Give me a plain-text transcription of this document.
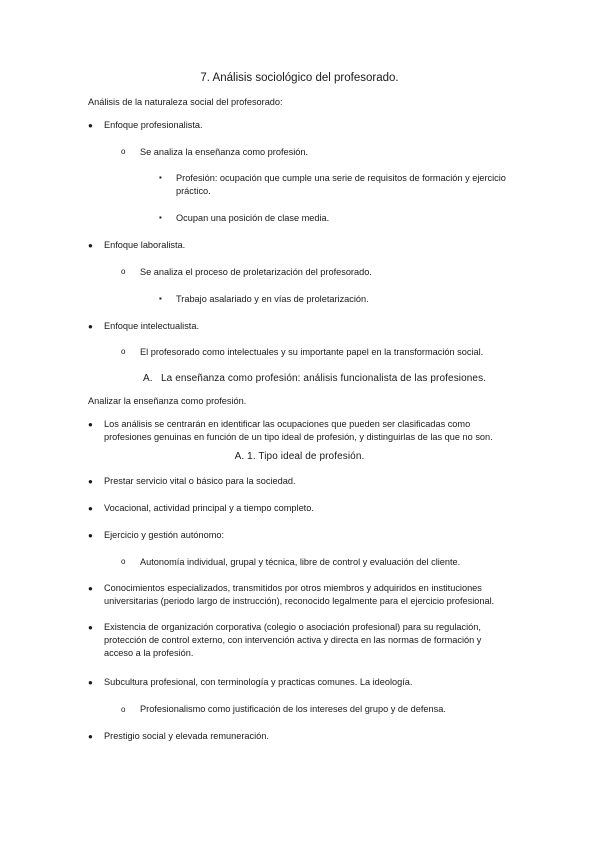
7. Análisis sociológico del profesorado.
Análisis de la naturaleza social del profesorado:
● Enfoque profesionalista.
o Se analiza la enseñanza como profesión.
▪ Profesión: ocupación que cumple una serie de requisitos de formación y ejercicio
práctico.
▪ Ocupan una posición de clase media.
● Enfoque laboralista.
o Se analiza el proceso de proletarización del profesorado.
▪ Trabajo asalariado y en vías de proletarización.
● Enfoque intelectualista.
o El profesorado como intelectuales y su importante papel en la transformación social.
A. La enseñanza como profesión: análisis funcionalista de las profesiones.
Analizar la enseñanza como profesión.
● Los análisis se centrarán en identificar las ocupaciones que pueden ser clasificadas como
profesiones genuinas en función de un tipo ideal de profesión, y distinguirlas de las que no son.
A. 1. Tipo ideal de profesión.
● Prestar servicio vital o básico para la sociedad.
● Vocacional, actividad principal y a tiempo completo.
● Ejercicio y gestión autónomo:
o Autonomía individual, grupal y técnica, libre de control y evaluación del cliente.
● Conocimientos especializados, transmitidos por otros miembros y adquiridos en instituciones
universitarias (periodo largo de instrucción), reconocido legalmente para el ejercicio profesional.
● Existencia de organización corporativa (colegio o asociación profesional) para su regulación,
protección de control externo, con intervención activa y directa en las normas de formación y
acceso a la profesión.
● Subcultura profesional, con terminología y practicas comunes. La ideología.
o Profesionalismo como justificación de los intereses del grupo y de defensa.
● Prestigio social y elevada remuneración.
